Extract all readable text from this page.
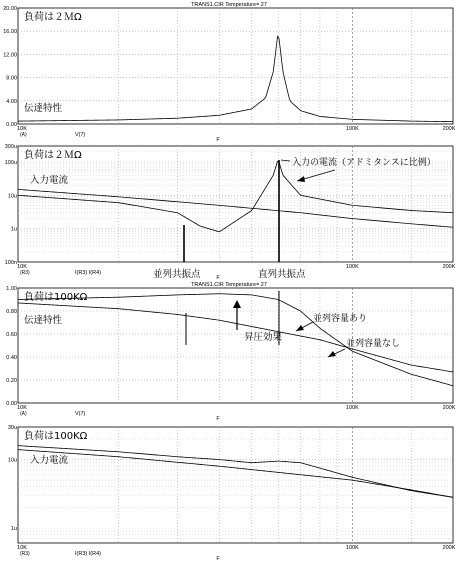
TRANS1.CIR Temperature= 27
20.00
16.00
12.00
8.00
4.00
0.00
10K	100K	200K
(A)	V(7)
F
負荷は２ＭΩ
300u
100u
10u
1u
100n
10K	100K	200K
(R3)	I(R3) I(R4)
F
負荷は２ＭΩ
TRANS1.CIR Temperature= 27
1.00
0.80
0.60
0.40
0.20
0.00
10K	100K	200K
(A)	V(7)
F
負荷は100KΩ
30u
10u
1u
10K	100K	200K
(R3)	I(R3) I(R4)
F
負荷は100KΩ
伝達特性
入力電流
入力の電流（アドミタンスに比例）
並列共振点	直列共振点
伝達特性
昇圧効果
並列容量あり
並列容量なし
入力電流
